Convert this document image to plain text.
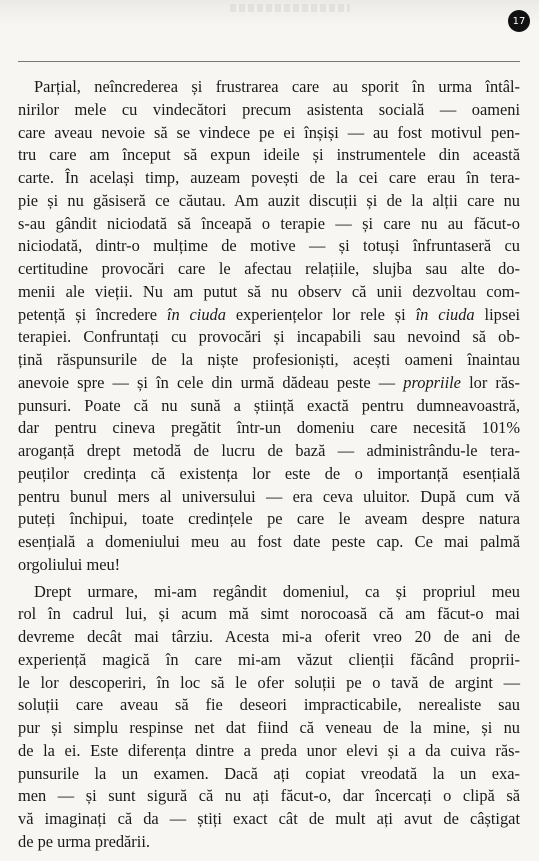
17
Parțial, neîncrederea și frustrarea care au sporit în urma întâl-
nirilor mele cu vindecători precum asistenta socială — oameni
care aveau nevoie să se vindece pe ei înșiși — au fost motivul pen-
tru care am început să expun ideile și instrumentele din această
carte. În același timp, auzeam povești de la cei care erau în tera-
pie și nu găsiseră ce căutau. Am auzit discuții și de la alții care nu
s-au gândit niciodată să înceapă o terapie — și care nu au făcut-o
niciodată, dintr-o mulțime de motive — și totuși înfruntaseră cu
certitudine provocări care le afectau relațiile, slujba sau alte do-
menii ale vieții. Nu am putut să nu observ că unii dezvoltau com-
petență și încredere în ciuda experiențelor lor rele și în ciuda lipsei
terapiei. Confruntați cu provocări și incapabili sau nevoind să ob-
țină răspunsurile de la niște profesioniști, acești oameni înaintau
anevoie spre — și în cele din urmă dădeau peste — propriile lor răs-
punsuri. Poate că nu sună a știință exactă pentru dumneavoastră,
dar pentru cineva pregătit într-un domeniu care necesită 101%
aroganță drept metodă de lucru de bază — administrându-le tera-
peuților credința că existența lor este de o importanță esențială
pentru bunul mers al universului — era ceva uluitor. După cum vă
puteți închipui, toate credințele pe care le aveam despre natura
esențială a domeniului meu au fost date peste cap. Ce mai palmă
orgoliului meu!
Drept urmare, mi-am regândit domeniul, ca și propriul meu
rol în cadrul lui, și acum mă simt norocoasă că am făcut-o mai
devreme decât mai târziu. Acesta mi-a oferit vreo 20 de ani de
experiență magică în care mi-am văzut clienții făcând proprii-
le lor descoperiri, în loc să le ofer soluții pe o tavă de argint —
soluții care aveau să fie deseori impracticabile, nerealiste sau
pur și simplu respinse net dat fiind că veneau de la mine, și nu
de la ei. Este diferența dintre a preda unor elevi și a da cuiva răs-
punsurile la un examen. Dacă ați copiat vreodată la un exa-
men — și sunt sigură că nu ați făcut-o, dar încercați o clipă să
vă imaginați că da — știți exact cât de mult ați avut de câștigat
de pe urma predării.
